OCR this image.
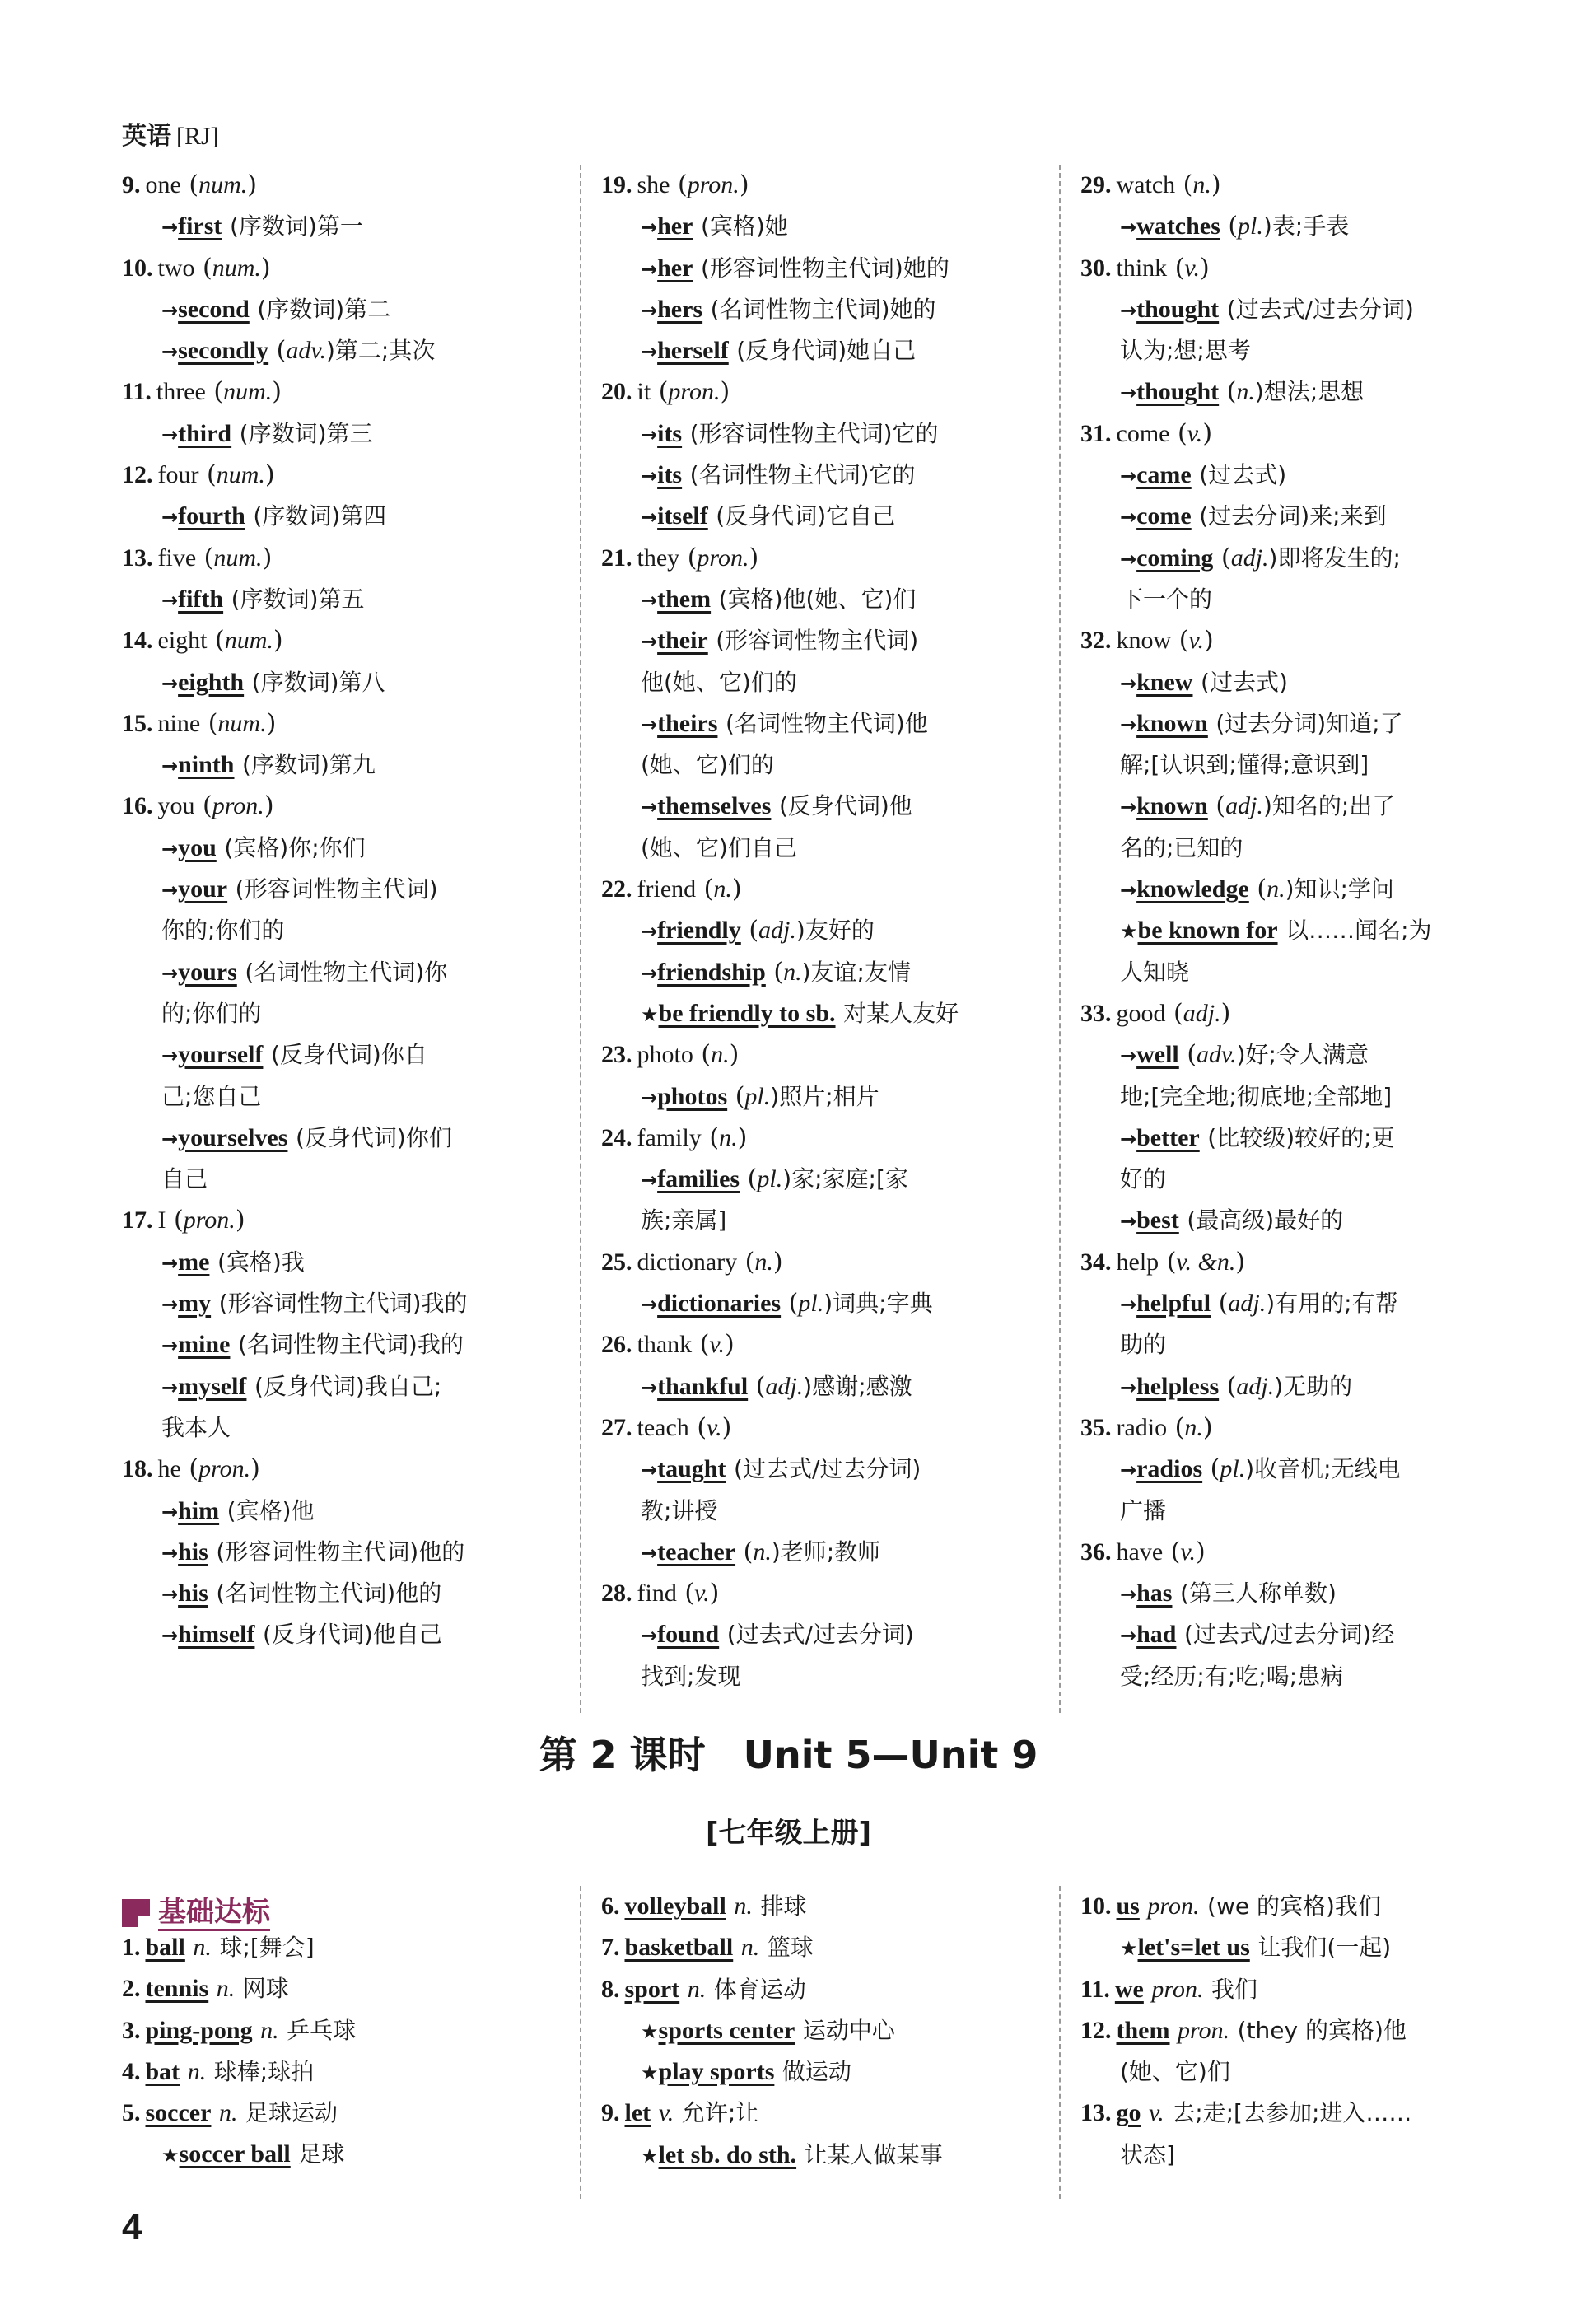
英语 [RJ]
9. one (num.)
→first (序数词)第一
10. two (num.)
→second (序数词)第二
→secondly (adv.)第二;其次
11. three (num.)
→third (序数词)第三
12. four (num.)
→fourth (序数词)第四
13. five (num.)
→fifth (序数词)第五
14. eight (num.)
→eighth (序数词)第八
15. nine (num.)
→ninth (序数词)第九
16. you (pron.)
→you (宾格)你;你们
→your (形容词性物主代词)
你的;你们的
→yours (名词性物主代词)你
的;你们的
→yourself (反身代词)你自
己;您自己
→yourselves (反身代词)你们
自己
17. I (pron.)
→me (宾格)我
→my (形容词性物主代词)我的
→mine (名词性物主代词)我的
→myself (反身代词)我自己;
我本人
18. he (pron.)
→him (宾格)他
→his (形容词性物主代词)他的
→his (名词性物主代词)他的
→himself (反身代词)他自己
19. she (pron.)
→her (宾格)她
→her (形容词性物主代词)她的
→hers (名词性物主代词)她的
→herself (反身代词)她自己
20. it (pron.)
→its (形容词性物主代词)它的
→its (名词性物主代词)它的
→itself (反身代词)它自己
21. they (pron.)
→them (宾格)他(她、它)们
→their (形容词性物主代词)
他(她、它)们的
→theirs (名词性物主代词)他
(她、它)们的
→themselves (反身代词)他
(她、它)们自己
22. friend (n.)
→friendly (adj.)友好的
→friendship (n.)友谊;友情
★be friendly to sb. 对某人友好
23. photo (n.)
→photos (pl.)照片;相片
24. family (n.)
→families (pl.)家;家庭;[家
族;亲属]
25. dictionary (n.)
→dictionaries (pl.)词典;字典
26. thank (v.)
→thankful (adj.)感谢;感激
27. teach (v.)
→taught (过去式/过去分词)
教;讲授
→teacher (n.)老师;教师
28. find (v.)
→found (过去式/过去分词)
找到;发现
29. watch (n.)
→watches (pl.)表;手表
30. think (v.)
→thought (过去式/过去分词)
认为;想;思考
→thought (n.)想法;思想
31. come (v.)
→came (过去式)
→come (过去分词)来;来到
→coming (adj.)即将发生的;
下一个的
32. know (v.)
→knew (过去式)
→known (过去分词)知道;了
解;[认识到;懂得;意识到]
→known (adj.)知名的;出了
名的;已知的
→knowledge (n.)知识;学问
★be known for 以……闻名;为
人知晓
33. good (adj.)
→well (adv.)好;令人满意
地;[完全地;彻底地;全部地]
→better (比较级)较好的;更
好的
→best (最高级)最好的
34. help (v. &n.)
→helpful (adj.)有用的;有帮
助的
→helpless (adj.)无助的
35. radio (n.)
→radios (pl.)收音机;无线电
广播
36. have (v.)
→has (第三人称单数)
→had (过去式/过去分词)经
受;经历;有;吃;喝;患病
第 2 课时　Unit 5—Unit 9
[七年级上册]
基础达标
1. ball n. 球;[舞会]
2. tennis n. 网球
3. ping-pong n. 乒乓球
4. bat n. 球棒;球拍
5. soccer n. 足球运动
★soccer ball 足球
6. volleyball n. 排球
7. basketball n. 篮球
8. sport n. 体育运动
★sports center 运动中心
★play sports 做运动
9. let v. 允许;让
★let sb. do sth. 让某人做某事
10. us pron. (we 的宾格)我们
★let's=let us 让我们(一起)
11. we pron. 我们
12. them pron. (they 的宾格)他
(她、它)们
13. go v. 去;走;[去参加;进入……
状态]
4
